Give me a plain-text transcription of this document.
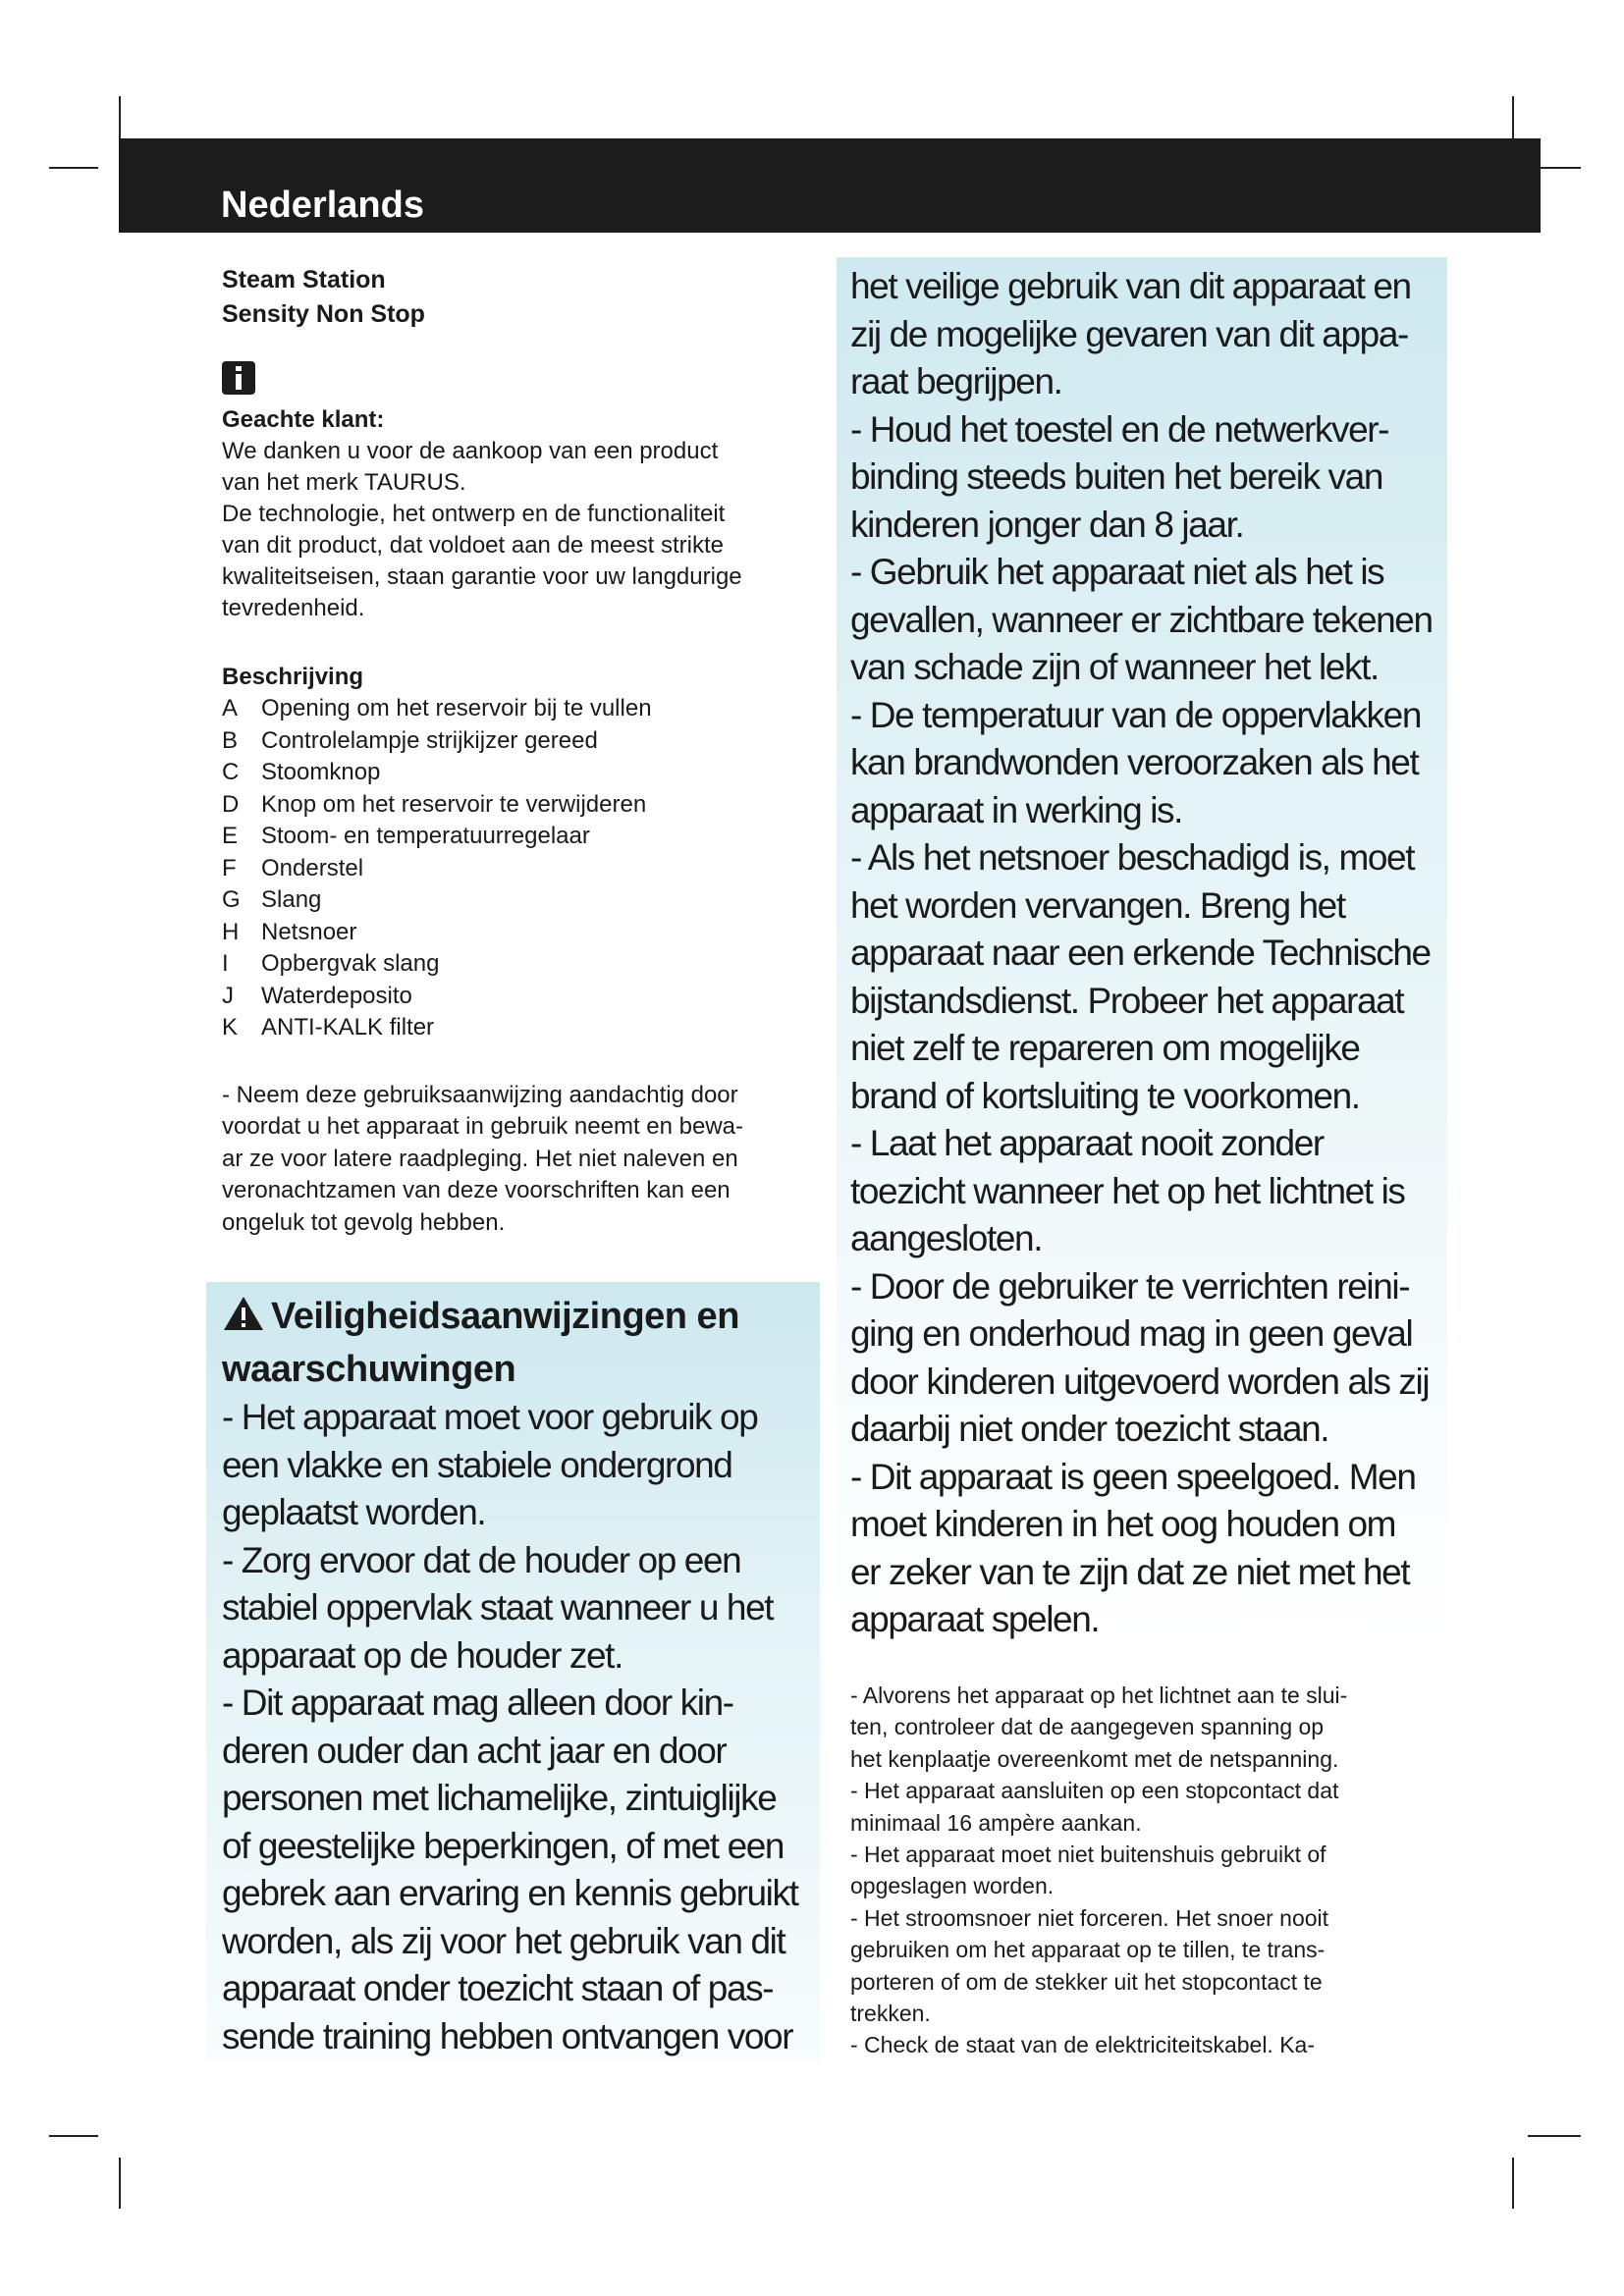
Nederlands
Steam Station
Sensity Non Stop
Geachte klant:
We danken u voor de aankoop van een product
van het merk TAURUS.
De technologie, het ontwerp en de functionaliteit
van dit product, dat voldoet aan de meest strikte
kwaliteitseisen, staan garantie voor uw langdurige
tevredenheid.
Beschrijving
A Opening om het reservoir bij te vullen
B Controlelampje strijkijzer gereed
C Stoomknop
D Knop om het reservoir te verwijderen
E Stoom- en temperatuurregelaar
F Onderstel
G Slang
H Netsnoer
I Opbergvak slang
J Waterdeposito
K ANTI-KALK filter
- Neem deze gebruiksaanwijzing aandachtig door
voordat u het apparaat in gebruik neemt en bewa-
ar ze voor latere raadpleging. Het niet naleven en
veronachtzamen van deze voorschriften kan een
ongeluk tot gevolg hebben.
Veiligheidsaanwijzingen en
waarschuwingen
- Het apparaat moet voor gebruik op
een vlakke en stabiele ondergrond
geplaatst worden.
- Zorg ervoor dat de houder op een
stabiel oppervlak staat wanneer u het
apparaat op de houder zet.
- Dit apparaat mag alleen door kin-
deren ouder dan acht jaar en door
personen met lichamelijke, zintuiglijke
of geestelijke beperkingen, of met een
gebrek aan ervaring en kennis gebruikt
worden, als zij voor het gebruik van dit
apparaat onder toezicht staan of pas-
sende training hebben ontvangen voor
het veilige gebruik van dit apparaat en
zij de mogelijke gevaren van dit appa-
raat begrijpen.
- Houd het toestel en de netwerkver-
binding steeds buiten het bereik van
kinderen jonger dan 8 jaar.
- Gebruik het apparaat niet als het is
gevallen, wanneer er zichtbare tekenen
van schade zijn of wanneer het lekt.
- De temperatuur van de oppervlakken
kan brandwonden veroorzaken als het
apparaat in werking is.
- Als het netsnoer beschadigd is, moet
het worden vervangen. Breng het
apparaat naar een erkende Technische
bijstandsdienst. Probeer het apparaat
niet zelf te repareren om mogelijke
brand of kortsluiting te voorkomen.
- Laat het apparaat nooit zonder
toezicht wanneer het op het lichtnet is
aangesloten.
- Door de gebruiker te verrichten reini-
ging en onderhoud mag in geen geval
door kinderen uitgevoerd worden als zij
daarbij niet onder toezicht staan.
- Dit apparaat is geen speelgoed. Men
moet kinderen in het oog houden om
er zeker van te zijn dat ze niet met het
apparaat spelen.
- Alvorens het apparaat op het lichtnet aan te slui-
ten, controleer dat de aangegeven spanning op
het kenplaatje overeenkomt met de netspanning.
- Het apparaat aansluiten op een stopcontact dat
minimaal 16 ampère aankan.
- Het apparaat moet niet buitenshuis gebruikt of
opgeslagen worden.
- Het stroomsnoer niet forceren. Het snoer nooit
gebruiken om het apparaat op te tillen, te trans-
porteren of om de stekker uit het stopcontact te
trekken.
- Check de staat van de elektriciteitskabel. Ka-
